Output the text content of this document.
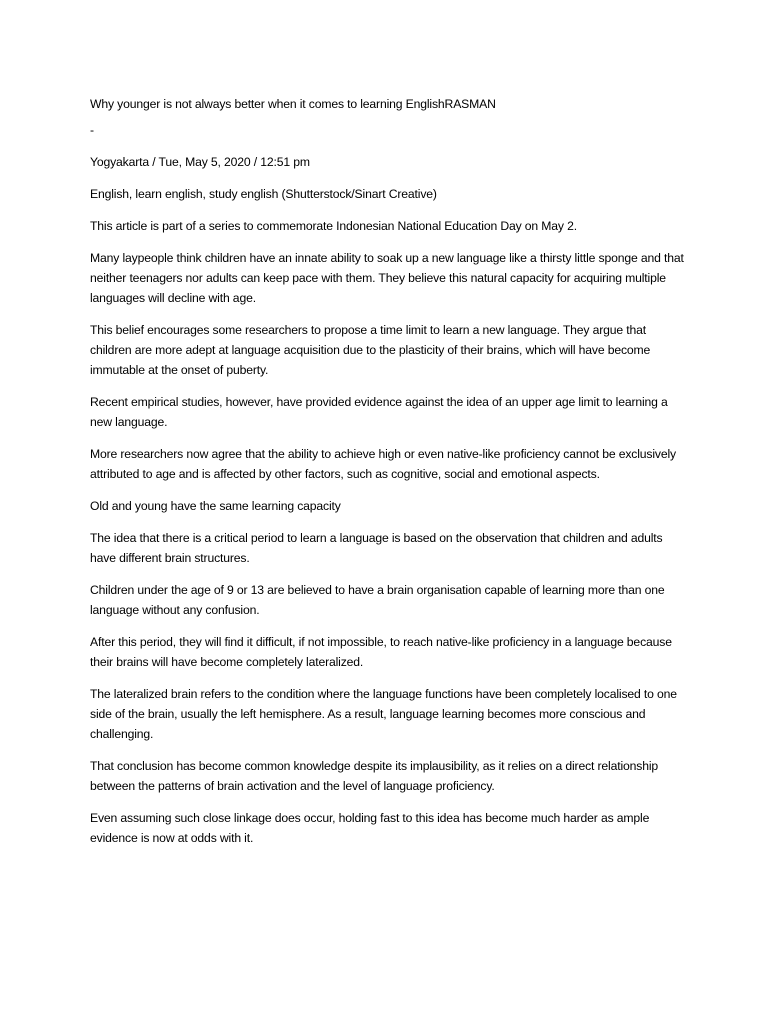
Why younger is not always better when it comes to learning EnglishRASMAN

-

Yogyakarta / Tue, May 5, 2020 / 12:51 pm

English, learn english, study english (Shutterstock/Sinart Creative)

This article is part of a series to commemorate Indonesian National Education Day on May 2.

Many laypeople think children have an innate ability to soak up a new language like a thirsty little sponge and that neither teenagers nor adults can keep pace with them. They believe this natural capacity for acquiring multiple languages will decline with age.

This belief encourages some researchers to propose a time limit to learn a new language. They argue that children are more adept at language acquisition due to the plasticity of their brains, which will have become immutable at the onset of puberty.

Recent empirical studies, however, have provided evidence against the idea of an upper age limit to learning a new language.

More researchers now agree that the ability to achieve high or even native-like proficiency cannot be exclusively attributed to age and is affected by other factors, such as cognitive, social and emotional aspects.

Old and young have the same learning capacity

The idea that there is a critical period to learn a language is based on the observation that children and adults have different brain structures.

Children under the age of 9 or 13 are believed to have a brain organisation capable of learning more than one language without any confusion.

After this period, they will find it difficult, if not impossible, to reach native-like proficiency in a language because their brains will have become completely lateralized.

The lateralized brain refers to the condition where the language functions have been completely localised to one side of the brain, usually the left hemisphere. As a result, language learning becomes more conscious and challenging.

That conclusion has become common knowledge despite its implausibility, as it relies on a direct relationship between the patterns of brain activation and the level of language proficiency.

Even assuming such close linkage does occur, holding fast to this idea has become much harder as ample evidence is now at odds with it.
